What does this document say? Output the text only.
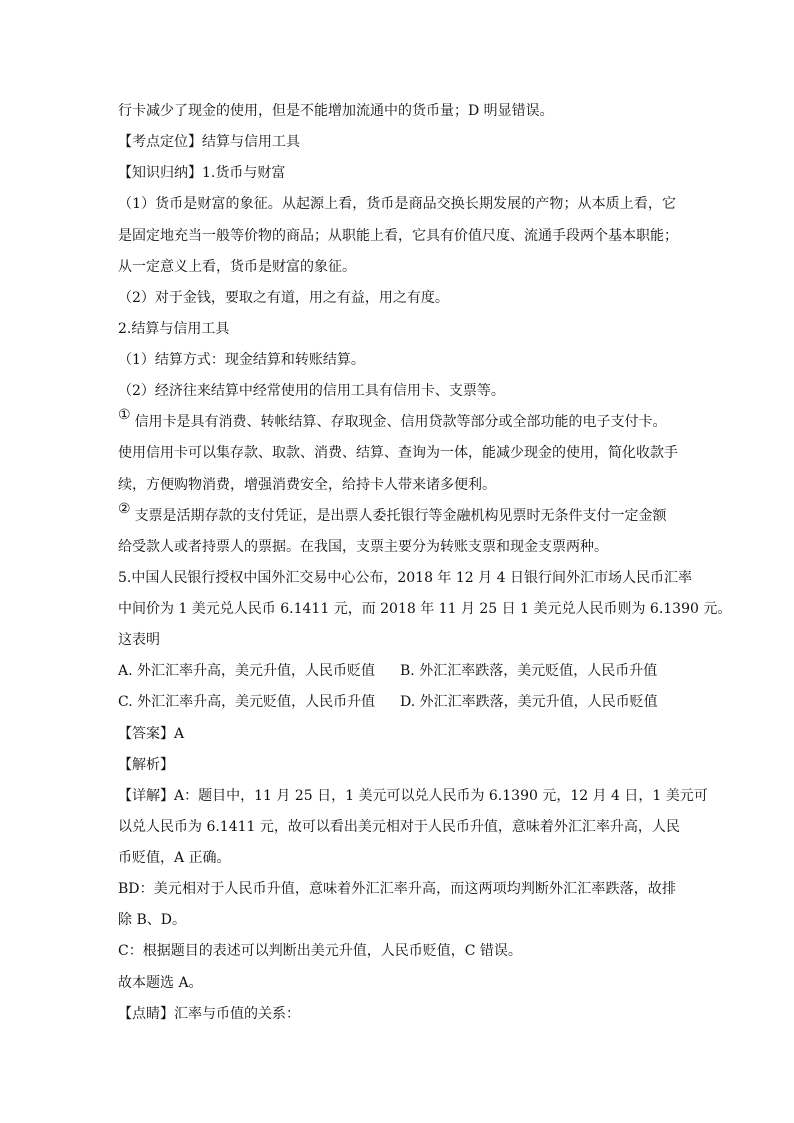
行卡减少了现金的使用，但是不能增加流通中的货币量；D 明显错误。
【考点定位】结算与信用工具
【知识归纳】1.货币与财富
（1）货币是财富的象征。从起源上看，货币是商品交换长期发展的产物；从本质上看，它
是固定地充当一般等价物的商品；从职能上看，它具有价值尺度、流通手段两个基本职能；
从一定意义上看，货币是财富的象征。
（2）对于金钱，要取之有道，用之有益，用之有度。
2.结算与信用工具
（1）结算方式：现金结算和转账结算。
（2）经济往来结算中经常使用的信用工具有信用卡、支票等。
① 信用卡是具有消费、转帐结算、存取现金、信用贷款等部分或全部功能的电子支付卡。
使用信用卡可以集存款、取款、消费、结算、查询为一体，能减少现金的使用，简化收款手
续，方便购物消费，增强消费安全，给持卡人带来诸多便利。
② 支票是活期存款的支付凭证，是出票人委托银行等金融机构见票时无条件支付一定金额
给受款人或者持票人的票据。在我国，支票主要分为转账支票和现金支票两种。
5.中国人民银行授权中国外汇交易中心公布，2018 年 12 月 4 日银行间外汇市场人民币汇率
中间价为 1 美元兑人民币 6.1411 元，而 2018 年 11 月 25 日 1 美元兑人民币则为 6.1390 元。
这表明
A. 外汇汇率升高，美元升值，人民币贬值 B. 外汇汇率跌落，美元贬值，人民币升值
C. 外汇汇率升高，美元贬值，人民币升值 D. 外汇汇率跌落，美元升值，人民币贬值
【答案】A
【解析】
【详解】A：题目中，11 月 25 日，1 美元可以兑人民币为 6.1390 元，12 月 4 日，1 美元可
以兑人民币为 6.1411 元，故可以看出美元相对于人民币升值，意味着外汇汇率升高，人民
币贬值，A 正确。
BD：美元相对于人民币升值，意味着外汇汇率升高，而这两项均判断外汇汇率跌落，故排
除 B、D。
C：根据题目的表述可以判断出美元升值，人民币贬值，C 错误。
故本题选 A。
【点睛】汇率与币值的关系：
